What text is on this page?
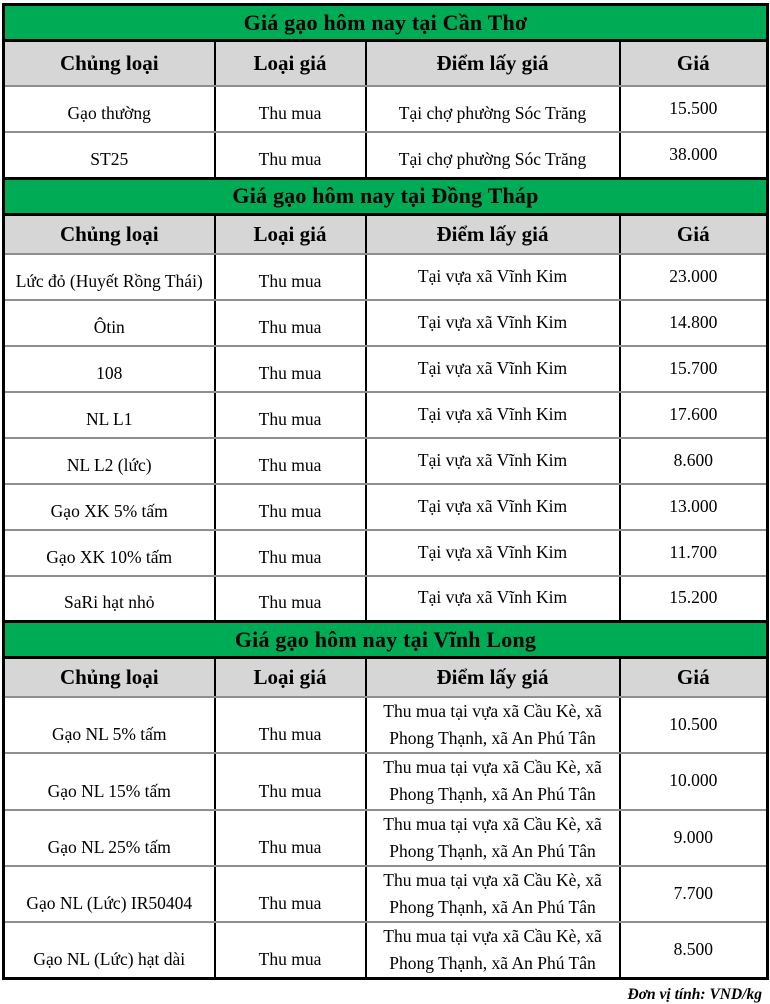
Giá gạo hôm nay tại Cần Thơ			
Chủng loại	Loại giá	Điểm lấy giá	Giá
Gạo thường	Thu mua	Tại chợ phường Sóc Trăng	15.500
ST25	Thu mua	Tại chợ phường Sóc Trăng	38.000
Giá gạo hôm nay tại Đồng Tháp			
Chủng loại	Loại giá	Điểm lấy giá	Giá
Lức đỏ (Huyết Rồng Thái)	Thu mua	Tại vựa xã Vĩnh Kim	23.000
Ôtin	Thu mua	Tại vựa xã Vĩnh Kim	14.800
108	Thu mua	Tại vựa xã Vĩnh Kim	15.700
NL L1	Thu mua	Tại vựa xã Vĩnh Kim	17.600
NL L2 (lức)	Thu mua	Tại vựa xã Vĩnh Kim	8.600
Gạo XK 5% tấm	Thu mua	Tại vựa xã Vĩnh Kim	13.000
Gạo XK 10% tấm	Thu mua	Tại vựa xã Vĩnh Kim	11.700
SaRi hạt nhỏ	Thu mua	Tại vựa xã Vĩnh Kim	15.200
Giá gạo hôm nay tại Vĩnh Long			
Chủng loại	Loại giá	Điểm lấy giá	Giá
Gạo NL 5% tấm	Thu mua	Thu mua tại vựa xã Cầu Kè, xã Phong Thạnh, xã An Phú Tân	10.500
Gạo NL 15% tấm	Thu mua	Thu mua tại vựa xã Cầu Kè, xã Phong Thạnh, xã An Phú Tân	10.000
Gạo NL 25% tấm	Thu mua	Thu mua tại vựa xã Cầu Kè, xã Phong Thạnh, xã An Phú Tân	9.000
Gạo NL (Lức) IR50404	Thu mua	Thu mua tại vựa xã Cầu Kè, xã Phong Thạnh, xã An Phú Tân	7.700
Gạo NL (Lức) hạt dài	Thu mua	Thu mua tại vựa xã Cầu Kè, xã Phong Thạnh, xã An Phú Tân	8.500
Đơn vị tính: VND/kg
